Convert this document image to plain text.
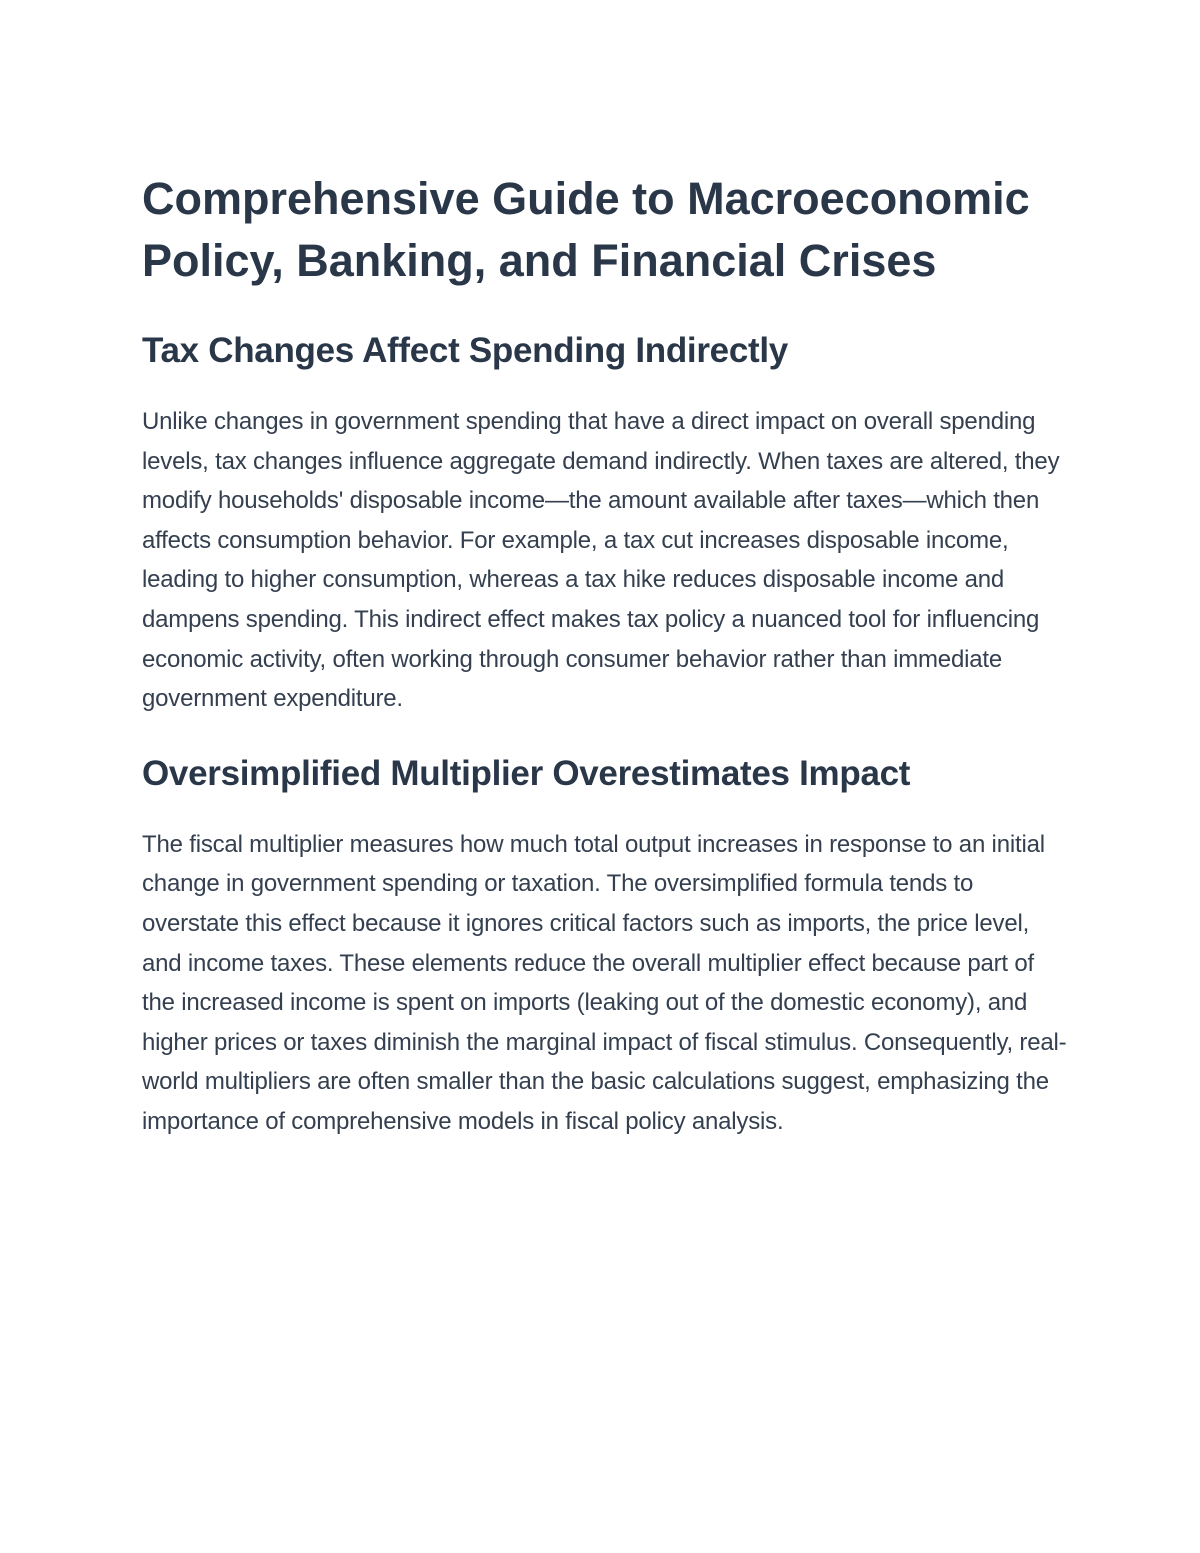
Comprehensive Guide to Macroeconomic Policy, Banking, and Financial Crises
Tax Changes Affect Spending Indirectly

Unlike changes in government spending that have a direct impact on overall spending levels, tax changes influence aggregate demand indirectly. When taxes are altered, they modify households' disposable income—the amount available after taxes—which then affects consumption behavior. For example, a tax cut increases disposable income, leading to higher consumption, whereas a tax hike reduces disposable income and dampens spending. This indirect effect makes tax policy a nuanced tool for influencing economic activity, often working through consumer behavior rather than immediate government expenditure.

Oversimplified Multiplier Overestimates Impact

The fiscal multiplier measures how much total output increases in response to an initial change in government spending or taxation. The oversimplified formula tends to overstate this effect because it ignores critical factors such as imports, the price level, and income taxes. These elements reduce the overall multiplier effect because part of the increased income is spent on imports (leaking out of the domestic economy), and higher prices or taxes diminish the marginal impact of fiscal stimulus. Consequently, real-world multipliers are often smaller than the basic calculations suggest, emphasizing the importance of comprehensive models in fiscal policy analysis.
